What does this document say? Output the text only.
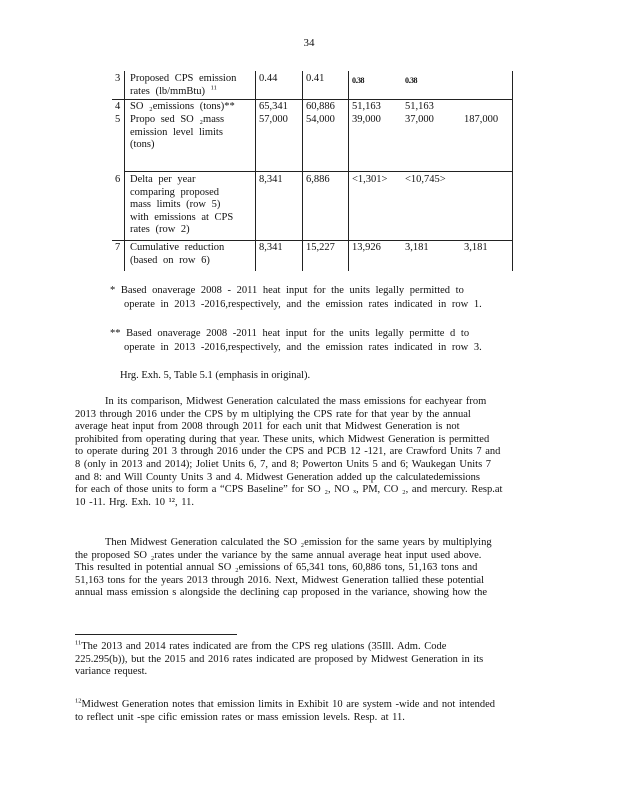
34
3 Proposed CPS emission
rates (lb/mmBtu) $^{11}$
0.44	0.41	0.38	0.38
4 SO ₂emissions (tons)**	65,341 60,886 51,163 51,163
5 Propo sed SO ₂mass
emission level limits
(tons)
57,000 54,000 39,000 37,000	187,000
6 Delta per year
comparing proposed
mass limits (row 5)
with emissions at CPS
rates (row 2)
8,341 6,886 <1,301> <10,745>
7 Cumulative reduction
(based on row 6)
8,341 15,227 13,926 3,181	3,181
* Based onaverage 2008 - 2011 heat input for the units legally permitted to
operate in 2013 -2016,respectively, and the emission rates indicated in row 1.
** Based onaverage 2008 -2011 heat input for the units legally permitte d to
operate in 2013 -2016,respectively, and the emission rates indicated in row 3.
Hrg. Exh. 5, Table 5.1 (emphasis in original).
In its comparison, Midwest Generation calculated the mass emissions for eachyear from
2013 through 2016 under the CPS by m ultiplying the CPS rate for that year by the annual
average heat input from 2008 through 2011 for each unit that Midwest Generation is not
prohibited from operating during that year. These units, which Midwest Generation is permitted
to operate during 201 3 through 2016 under the CPS and PCB 12 -121, are Crawford Units 7 and
8 (only in 2013 and 2014); Joliet Units 6, 7, and 8; Powerton Units 5 and 6; Waukegan Units 7
and 8: and Will County Units 3 and 4. Midwest Generation added up the calculatedemissions
for each of those units to form a “CPS Baseline” for SO ₂, NO ₓ, PM, CO ₂, and mercury. Resp.at
10 -11. Hrg. Exh. 10 ¹², 11.
Then Midwest Generation calculated the SO ₂emission for the same years by multiplying
the proposed SO ₂rates under the variance by the same annual average heat input used above.
This resulted in potential annual SO ₂emissions of 65,341 tons, 60,886 tons, 51,163 tons and
51,163 tons for the years 2013 through 2016. Next, Midwest Generation tallied these potential
annual mass emission s alongside the declining cap proposed in the variance, showing how the
$^{11}$The 2013 and 2014 rates indicated are from the CPS reg ulations (35Ill. Adm. Code
225.295(b)), but the 2015 and 2016 rates indicated are proposed by Midwest Generation in its
variance request.
$^{12}$Midwest Generation notes that emission limits in Exhibit 10 are system -wide and not intended
to reflect unit -spe cific emission rates or mass emission levels. Resp. at 11.
